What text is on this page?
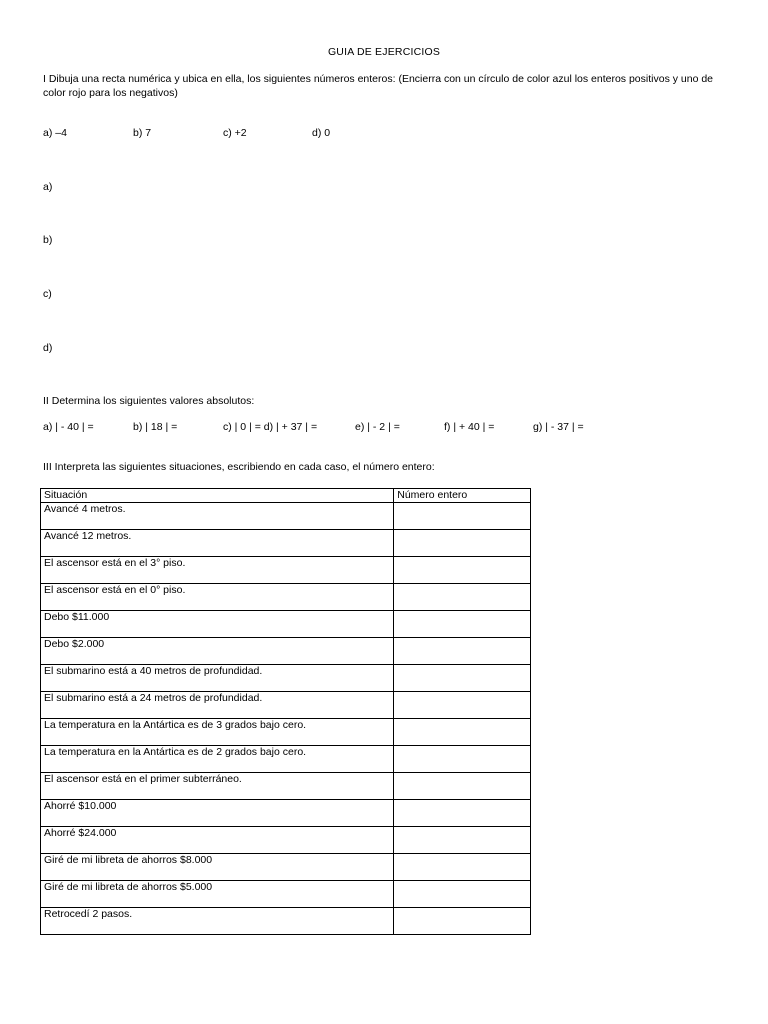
GUIA DE EJERCICIOS
I Dibuja una recta numérica y ubica en ella, los siguientes números enteros: (Encierra con un círculo de color azul los enteros positivos y uno de color rojo para los negativos)
a) –4	b) 7	c) +2	d) 0
a)
b)
c)
d)
II Determina los siguientes valores absolutos:
a) | - 40 | =	b) | 18 | =	c) | 0 | = d) | + 37 | =	e) | - 2 | =	f) | + 40 | =	g) | - 37 | =
III Interpreta las siguientes situaciones, escribiendo en cada caso, el número entero:
Situación	Número entero
Avancé 4 metros.	
Avancé 12 metros.	
El ascensor está en el 3° piso.	
El ascensor está en el 0° piso.	
Debo $11.000	
Debo $2.000	
El submarino está a 40 metros de profundidad.	
El submarino está a 24 metros de profundidad.	
La temperatura en la Antártica es de 3 grados bajo cero.	
La temperatura en la Antártica es de 2 grados bajo cero.	
El ascensor está en el primer subterráneo.	
Ahorré $10.000	
Ahorré $24.000	
Giré de mi libreta de ahorros $8.000	
Giré de mi libreta de ahorros $5.000	
Retrocedí 2 pasos.	
